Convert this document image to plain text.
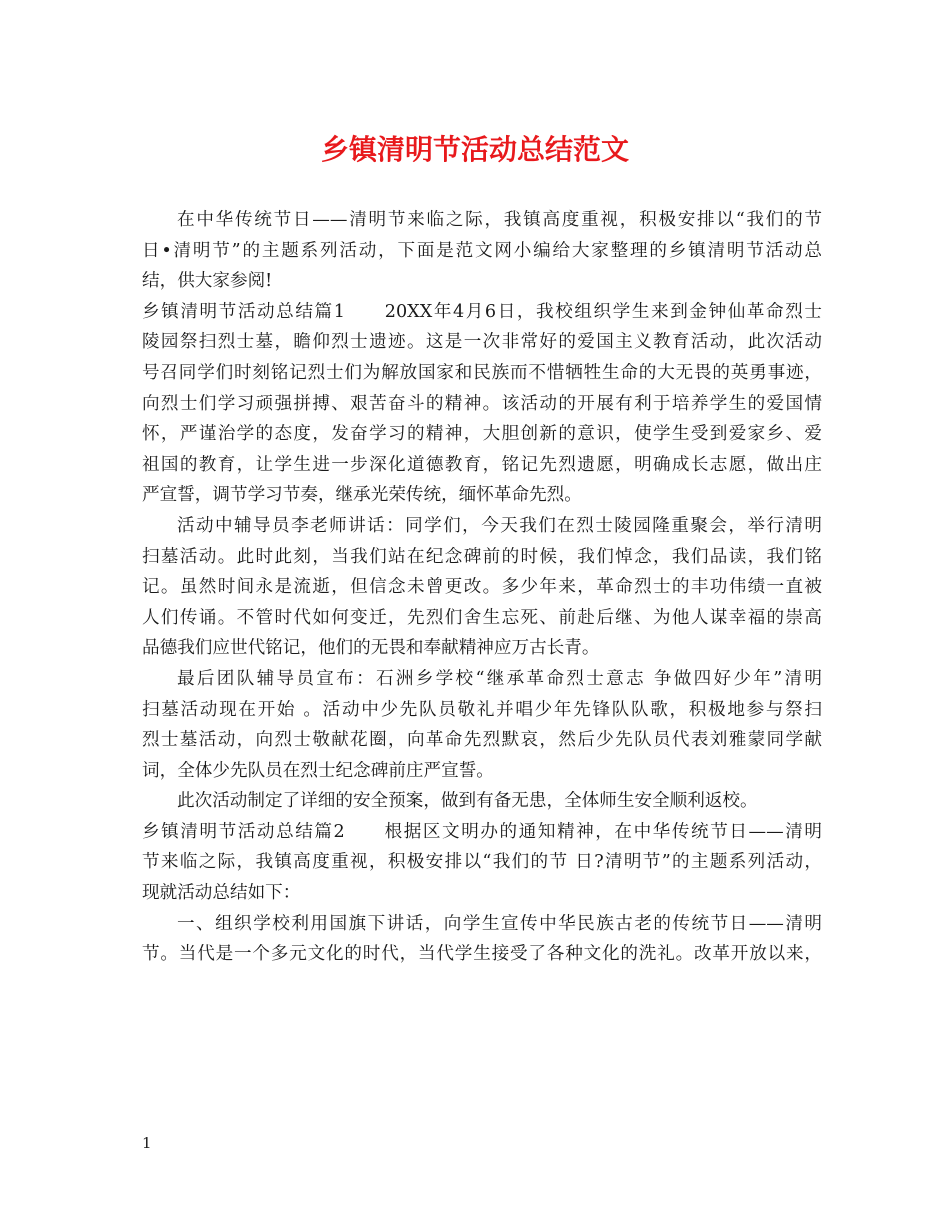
乡镇清明节活动总结范文
在中华传统节日——清明节来临之际，我镇高度重视，积极安排以“我们的节
日•清明节”的主题系列活动，下面是范文网小编给大家整理的乡镇清明节活动总
结，供大家参阅!
乡镇清明节活动总结篇1　　20XX年4月6日，我校组织学生来到金钟仙革命烈士
陵园祭扫烈士墓，瞻仰烈士遗迹。这是一次非常好的爱国主义教育活动，此次活动
号召同学们时刻铭记烈士们为解放国家和民族而不惜牺牲生命的大无畏的英勇事迹，
向烈士们学习顽强拼搏、艰苦奋斗的精神。该活动的开展有利于培养学生的爱国情
怀，严谨治学的态度，发奋学习的精神，大胆创新的意识，使学生受到爱家乡、爱
祖国的教育，让学生进一步深化道德教育，铭记先烈遗愿，明确成长志愿，做出庄
严宣誓，调节学习节奏，继承光荣传统，缅怀革命先烈。
活动中辅导员李老师讲话：同学们，今天我们在烈士陵园隆重聚会，举行清明
扫墓活动。此时此刻，当我们站在纪念碑前的时候，我们悼念，我们品读，我们铭
记。虽然时间永是流逝，但信念未曾更改。多少年来，革命烈士的丰功伟绩一直被
人们传诵。不管时代如何变迁，先烈们舍生忘死、前赴后继、为他人谋幸福的崇高
品德我们应世代铭记，他们的无畏和奉献精神应万古长青。
最后团队辅导员宣布：石洲乡学校“继承革命烈士意志 争做四好少年”清明
扫墓活动现在开始 。活动中少先队员敬礼并唱少年先锋队队歌，积极地参与祭扫
烈士墓活动，向烈士敬献花圈，向革命先烈默哀，然后少先队员代表刘雅蒙同学献
词，全体少先队员在烈士纪念碑前庄严宣誓。
此次活动制定了详细的安全预案，做到有备无患，全体师生安全顺利返校。
乡镇清明节活动总结篇2　　根据区文明办的通知精神，在中华传统节日——清明
节来临之际，我镇高度重视，积极安排以“我们的节 日?清明节”的主题系列活动，
现就活动总结如下：
一、组织学校利用国旗下讲话，向学生宣传中华民族古老的传统节日——清明
节。当代是一个多元文化的时代，当代学生接受了各种文化的洗礼。改革开放以来，
1
